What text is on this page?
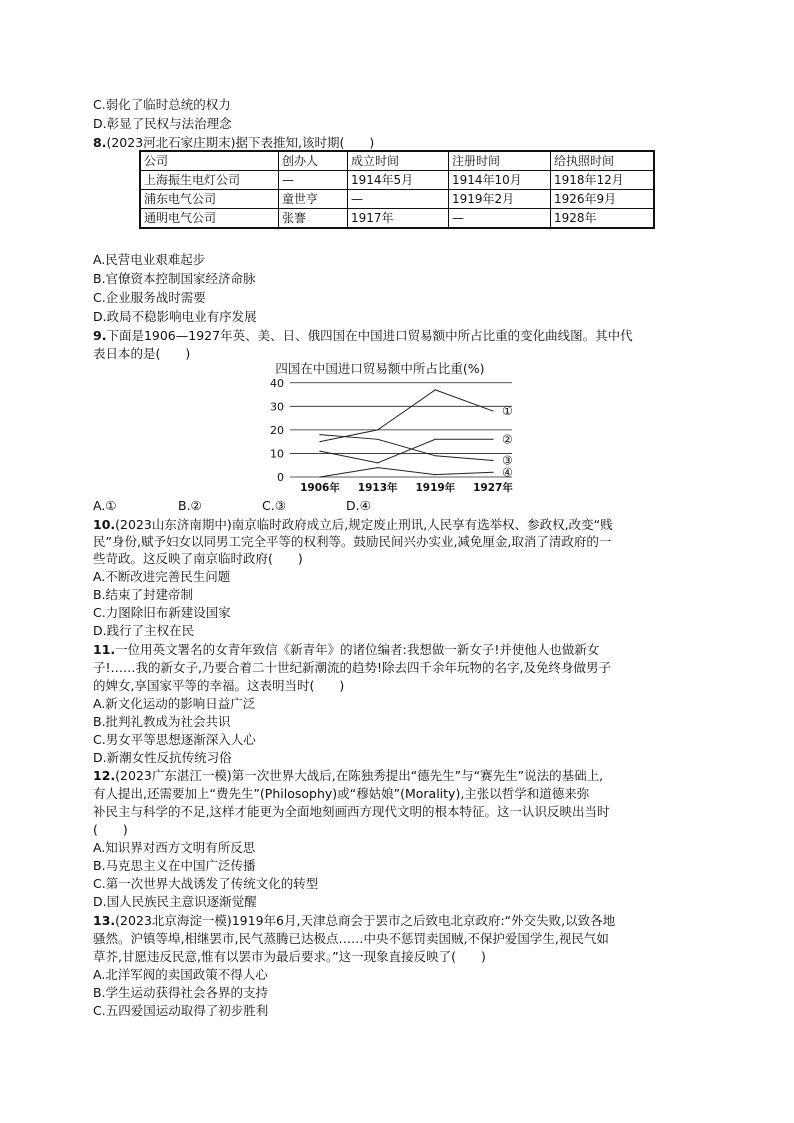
C.弱化了临时总统的权力
D.彰显了民权与法治理念
8.(2023河北石家庄期末)据下表推知,该时期(　　)
公司	创办人	成立时间	注册时间	给执照时间
上海振生电灯公司	—	1914年5月	1914年10月	1918年12月
浦东电气公司	童世亨	—	1919年2月	1926年9月
通明电气公司	张謇	1917年	—	1928年
A.民营电业艰难起步
B.官僚资本控制国家经济命脉
C.企业服务战时需要
D.政局不稳影响电业有序发展
9.下面是1906—1927年英、美、日、俄四国在中国进口贸易额中所占比重的变化曲线图。其中代
表日本的是(　　)
四国在中国进口贸易额中所占比重(%)
0
10
20
30
40
1906年 1913年 1919年 1927年
①
②
③
④
A.①	B.②	C.③	D.④
10.(2023山东济南期中)南京临时政府成立后,规定废止刑讯,人民享有选举权、参政权,改变“贱
民”身份,赋予妇女以同男工完全平等的权利等。鼓励民间兴办实业,减免厘金,取消了清政府的一
些苛政。这反映了南京临时政府(　　)
A.不断改进完善民生问题
B.结束了封建帝制
C.力图除旧布新建设国家
D.践行了主权在民
11.一位用英文署名的女青年致信《新青年》的诸位编者:我想做一新女子!并使他人也做新女
子!……我的新女子,乃要合着二十世纪新潮流的趋势!除去四千余年玩物的名字,及免终身做男子
的婢女,享国家平等的幸福。这表明当时(　　)
A.新文化运动的影响日益广泛
B.批判礼教成为社会共识
C.男女平等思想逐渐深入人心
D.新潮女性反抗传统习俗
12.(2023广东湛江一模)第一次世界大战后,在陈独秀提出“德先生”与“赛先生”说法的基础上,
有人提出,还需要加上“费先生”(Philosophy)或“穆姑娘”(Morality),主张以哲学和道德来弥
补民主与科学的不足,这样才能更为全面地刻画西方现代文明的根本特征。这一认识反映出当时
(　　)
A.知识界对西方文明有所反思
B.马克思主义在中国广泛传播
C.第一次世界大战诱发了传统文化的转型
D.国人民族民主意识逐渐觉醒
13.(2023北京海淀一模)1919年6月,天津总商会于罢市之后致电北京政府:“外交失败,以致各地
骚然。沪镇等埠,相继罢市,民气蒸腾已达极点……中央不惩罚卖国贼,不保护爱国学生,视民气如
草芥,甘愿违反民意,惟有以罢市为最后要求。”这一现象直接反映了(　　)
A.北洋军阀的卖国政策不得人心
B.学生运动获得社会各界的支持
C.五四爱国运动取得了初步胜利
